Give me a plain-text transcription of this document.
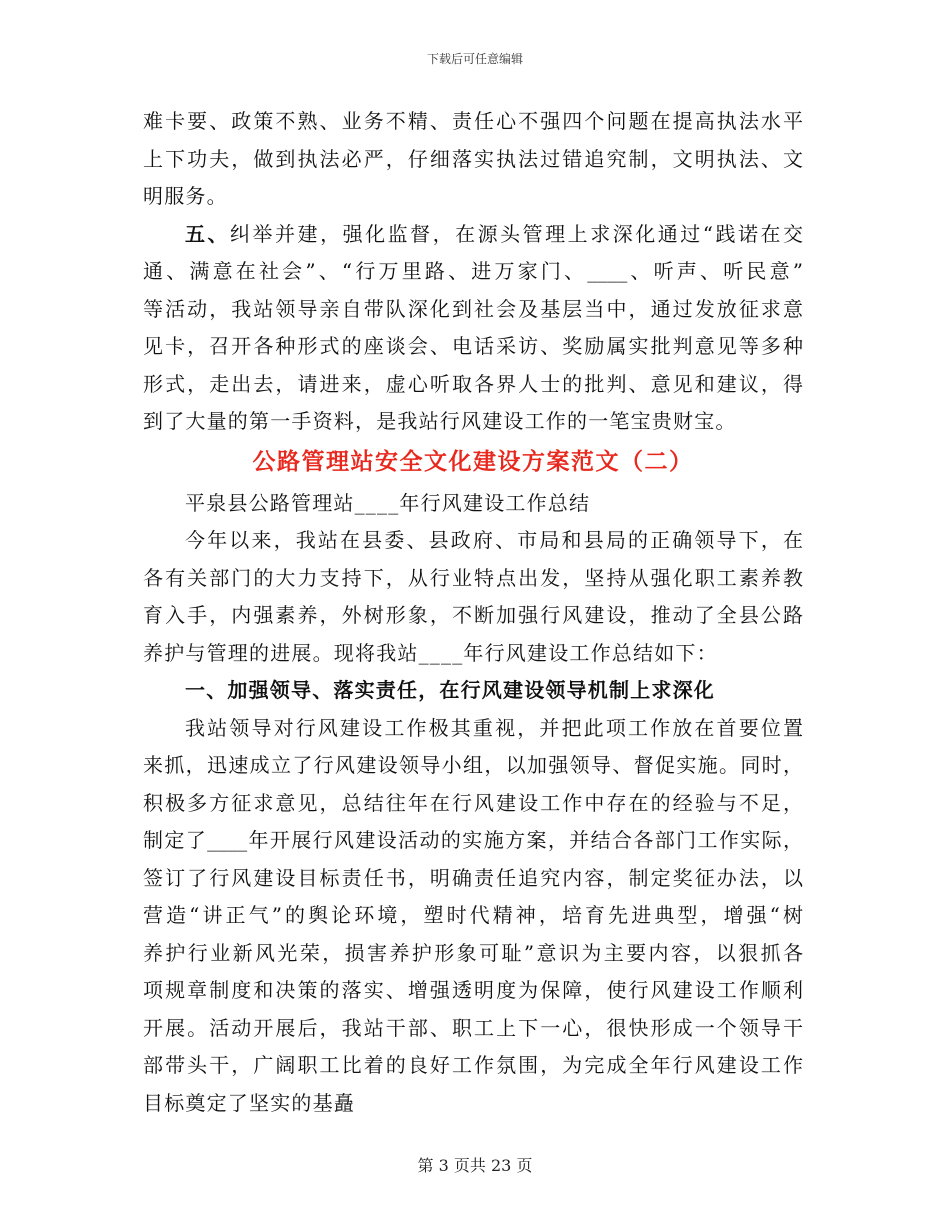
下载后可任意编辑
难卡要、政策不熟、业务不精、责任心不强四个问题在提高执法水平
上下功夫，做到执法必严，仔细落实执法过错追究制，文明执法、文
明服务。
五、纠举并建，强化监督，在源头管理上求深化通过“践诺在交
通、满意在社会”、“行万里路、进万家门、____、听声、听民意”
等活动，我站领导亲自带队深化到社会及基层当中，通过发放征求意
见卡，召开各种形式的座谈会、电话采访、奖励属实批判意见等多种
形式，走出去，请进来，虚心听取各界人士的批判、意见和建议，得
到了大量的第一手资料，是我站行风建设工作的一笔宝贵财宝。
公路管理站安全文化建设方案范文（二）
平泉县公路管理站____年行风建设工作总结
今年以来，我站在县委、县政府、市局和县局的正确领导下，在
各有关部门的大力支持下，从行业特点出发，坚持从强化职工素养教
育入手，内强素养，外树形象，不断加强行风建设，推动了全县公路
养护与管理的进展。现将我站____年行风建设工作总结如下：
一、加强领导、落实责任，在行风建设领导机制上求深化
我站领导对行风建设工作极其重视，并把此项工作放在首要位置
来抓，迅速成立了行风建设领导小组，以加强领导、督促实施。同时，
积极多方征求意见，总结往年在行风建设工作中存在的经验与不足，
制定了____年开展行风建设活动的实施方案，并结合各部门工作实际，
签订了行风建设目标责任书，明确责任追究内容，制定奖征办法，以
营造“讲正气”的舆论环境，塑时代精神，培育先进典型，增强“树
养护行业新风光荣，损害养护形象可耻”意识为主要内容，以狠抓各
项规章制度和决策的落实、增强透明度为保障，使行风建设工作顺利
开展。活动开展后，我站干部、职工上下一心，很快形成一个领导干
部带头干，广阔职工比着的良好工作氛围，为完成全年行风建设工作
目标奠定了坚实的基矗
第 3 页共 23 页
